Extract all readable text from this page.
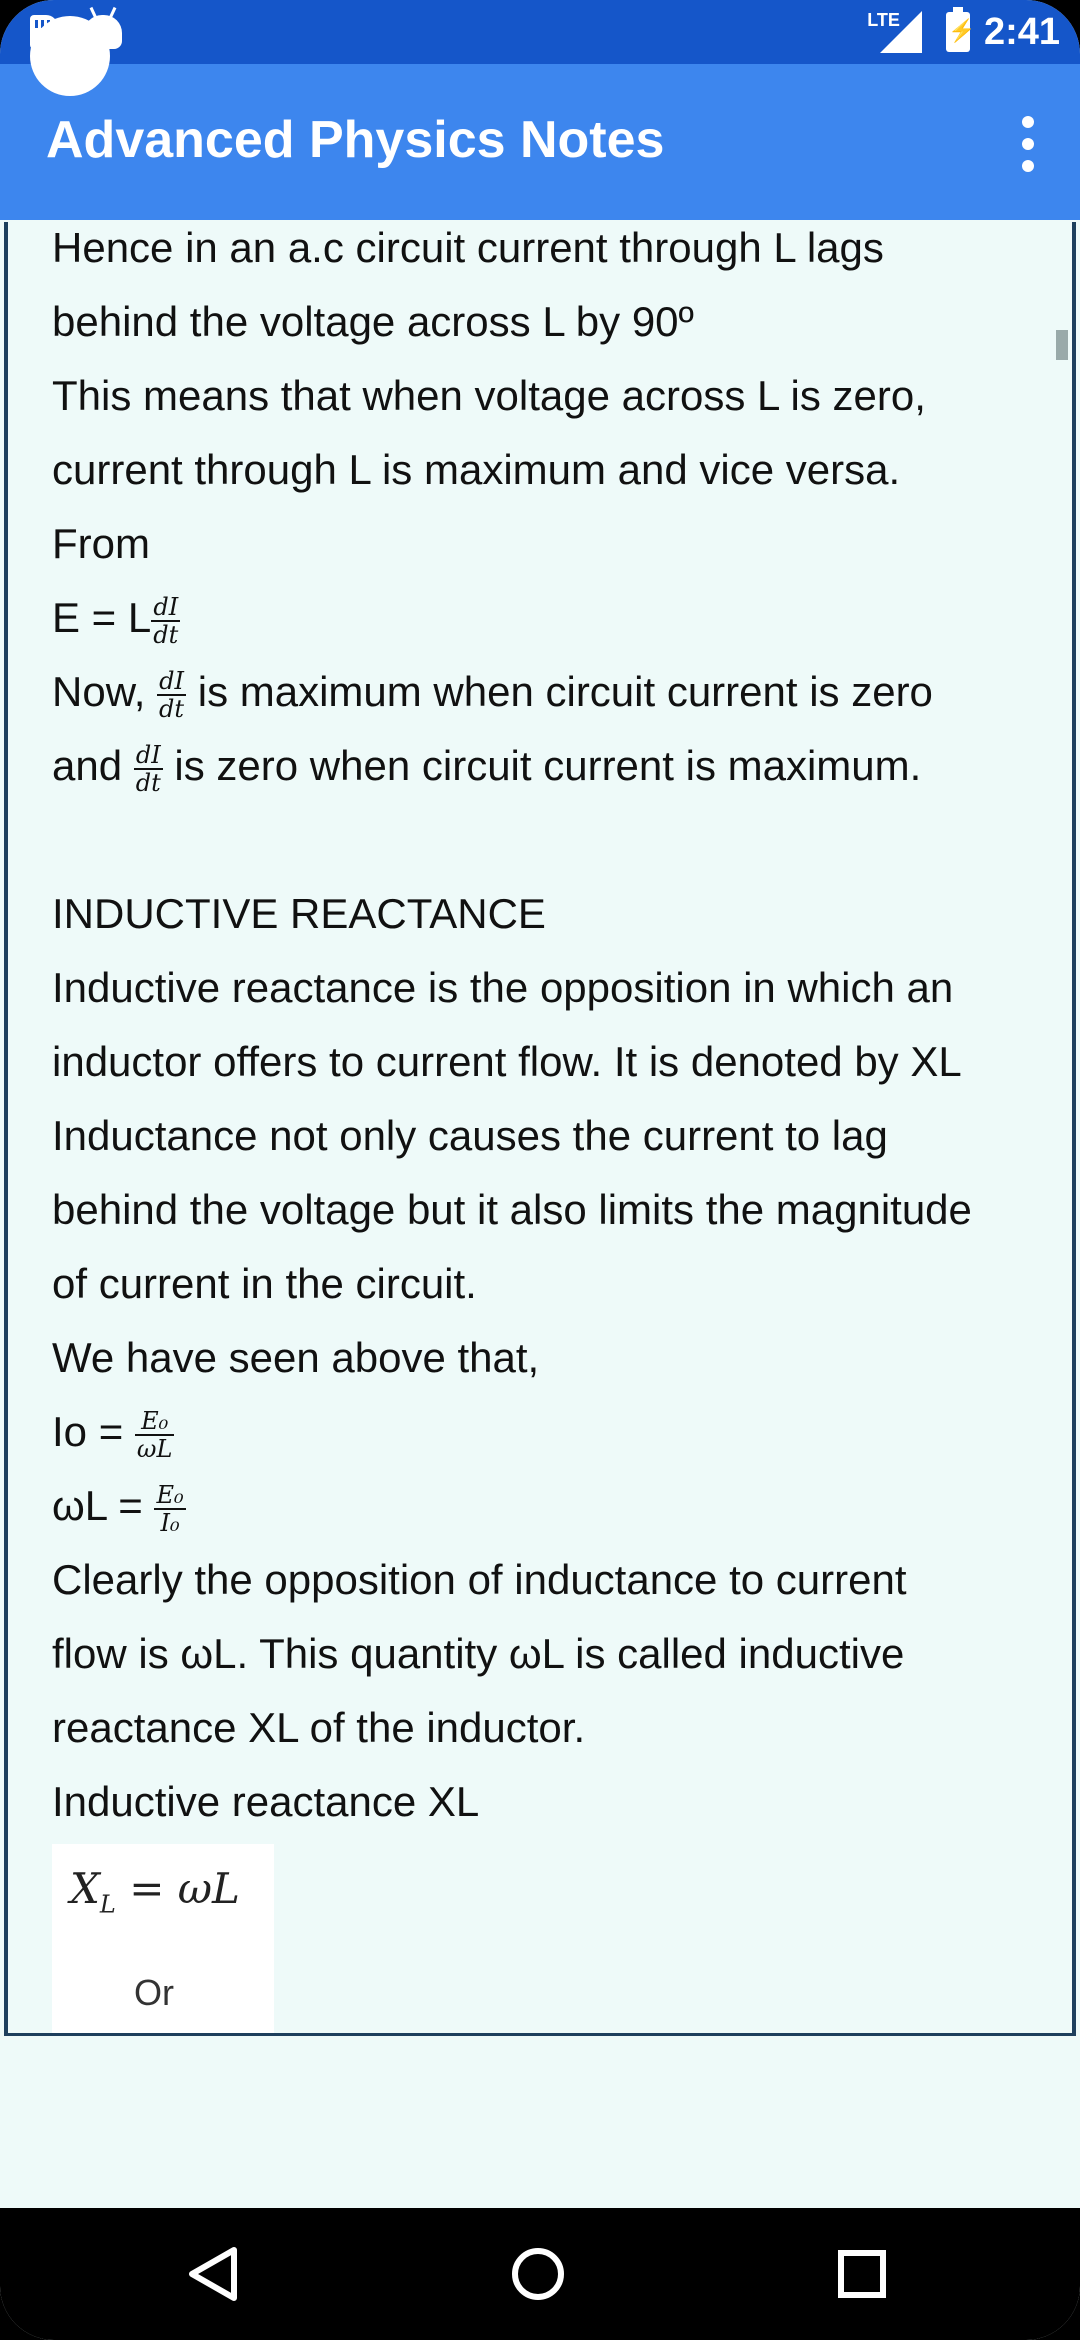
LTE
⚡ 2:41
Advanced Physics Notes
Hence in an a.c circuit current through L lags
behind the voltage across L by 90º
This means that when voltage across L is zero,
current through L is maximum and vice versa.
From
E = L $\frac{dI}{dt}$
Now, $\frac{dI}{dt}$ is maximum when circuit current is zero
and $\frac{dI}{dt}$ is zero when circuit current is maximum.
INDUCTIVE REACTANCE
Inductive reactance is the opposition in which an
inductor offers to current flow. It is denoted by XL
Inductance not only causes the current to lag
behind the voltage but it also limits the magnitude
of current in the circuit.
We have seen above that,
$Io = \frac{\text{E₀}}{\omega L}$
$\omega L = \frac{\text{E₀}}{\text{I₀}}$
Clearly the opposition of inductance to current
flow is ωL. This quantity ωL is called inductive
reactance XL of the inductor.
Inductive reactance XL
$X_L = \omega L$
Or
